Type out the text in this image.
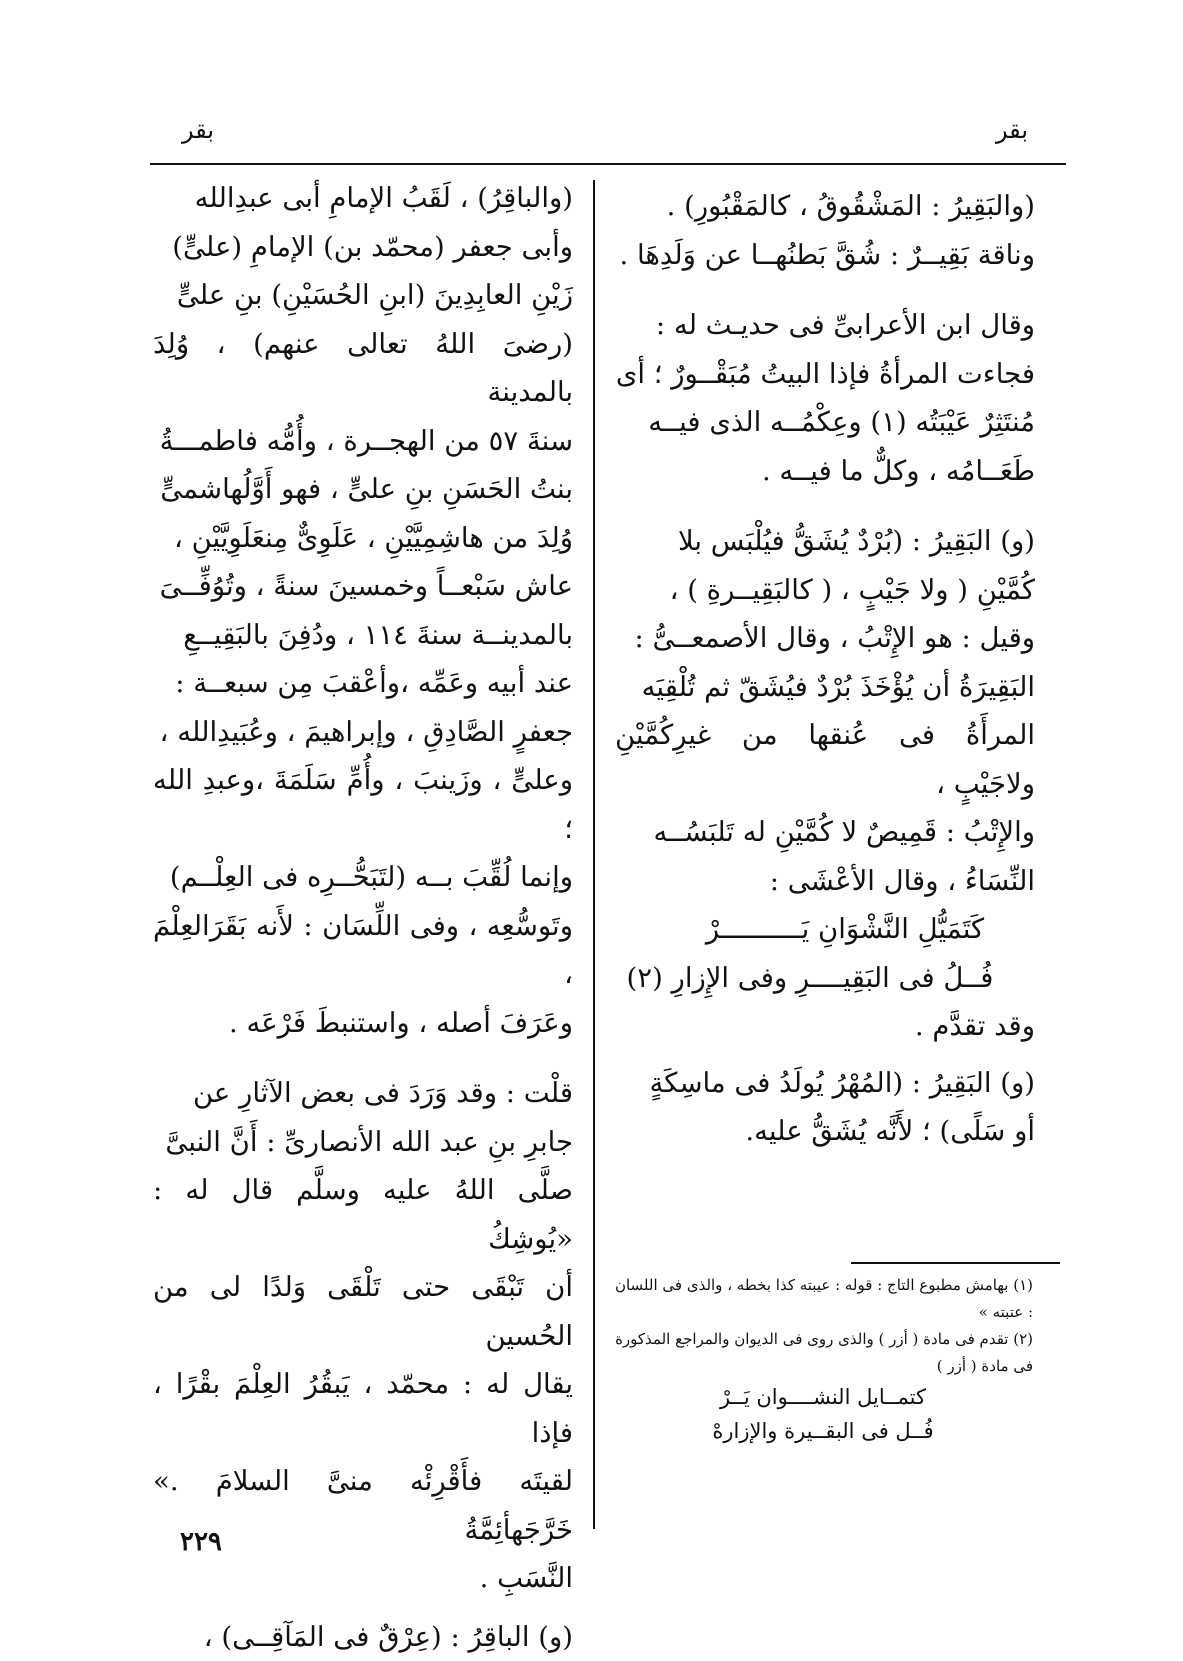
بقر
بقر

(والبَقِيرُ : المَشْقُوقُ ، كالمَقْبُورِ) .

وناقة بَقِيــرٌ : شُقَّ بَطنُهــا عن وَلَدِهَا .

وقال ابن الأعرابىِّ فى حديـث له :

فجاءت المرأةُ فإذا البيتُ مُبَقْــورٌ ؛ أى

مُنتَثِرٌ عَيْبَتُه (١) وعِكْمُــه الذى فيــه

طَعَــامُه ، وكلٌّ ما فيــه .

(و) البَقِيرُ : (بُرْدٌ يُشَقُّ فيُلْبَس بلا

كُمَّيْنِ ( ولا جَيْبٍ ، ( كالبَقِيــرةِ ) ،

وقيل : هو الإِتْبُ ، وقال الأصمعــىُّ :

البَقِيرَةُ أن يُؤْخَذَ بُرْدٌ فيُشَقّ ثم تُلْقِيَه

المرأَةُ فى عُنقها من غيرِكُمَّيْنِ ولاجَيْبٍ ،

والإِتْبُ : قَمِيصٌ لا كُمَّيْنِ له تَلبَسُــه

النِّسَاءُ ، وقال الأعْشَى :

كَتَمَيُّلِ النَّشْوَانِ يَــــــــــرْ

فُــلُ فى البَقِيــــرِ وفى الإِزارِ (٢)

وقد تقدَّم .

(و) البَقِيرُ : (المُهْرُ يُولَدُ فى ماسِكَةٍ

أو سَلًى) ؛ لأَنَّه يُشَقُّ عليه.

(١) بهامش مطبوع التاج : قوله : عيبته كذا بخطه ، والذى فى اللسان : عتبته »

(٢) تقدم فى مادة ( أزر ) والذى روى فى الديوان والمراجع المذكورة فى مادة ( أزر )

كتمــايل النشــــوان يَــرْ

فُــل فى البقــيرة والإزارهْ

(والباقِرُ) ، لَقَبُ الإمامِ أبى عبدِالله

وأبى جعفر (محمّد بن) الإمامِ (علىٍّ)

زَيْنِ العابِدِينَ (ابنِ الحُسَيْنِ) بنِ علىٍّ

(رضىَ اللهُ تعالى عنهم) ، وُلِدَ بالمدينة

سنةَ ٥٧ من الهجــرة ، وأُمُّه فاطمـــةُ

بنتُ الحَسَنِ بنِ علىٍّ ، فهو أَوَّلُهاشمىٍّ

وُلِدَ من هاشِمِيَّيْنِ ، عَلَوِىٌّ مِنعَلَوِيَّيْنِ ،

عاش سَبْعــاً وخمسينَ سنةً ، وتُوُفِّــىَ

بالمدينــة سنةَ ١١٤ ، ودُفِنَ بالبَقِيــعِ

عند أبيه وعَمِّه ،وأعْقبَ مِن سبعــة :

جعفرٍ الصَّادِقِ ، وإبراهيمَ ، وعُبَيدِالله ،

وعلىٍّ ، وزَينبَ ، وأُمِّ سَلَمَةَ ،وعبدِ الله ؛

وإنما لُقِّبَ بــه (لتَبَحُّــرِه فى العِلْــم)

وتَوسُّعِه ، وفى اللِّسَان : لأَنه بَقَرَالعِلْمَ ،

وعَرَفَ أصله ، واستنبطَ فَرْعَه .

قلْت : وقد وَرَدَ فى بعض الآثارِ عن

جابرِ بنِ عبد الله الأنصارىِّ : أَنَّ النبىَّ

صلَّى اللهُ عليه وسلَّم قال له : «يُوشِكُ

أن تَبْقَى حتى تَلْقَى وَلدًا لى من الحُسين

يقال له : محمّد ، يَبقُرُ العِلْمَ بقْرًا ، فإذا

لقيتَه فأَقْرِئْه منىَّ السلامَ .» خَرَّجَهأئِمَّةُ

النَّسَبِ .

(و) الباقِرُ : (عِرْقٌ فى المَآقِــى) ،

٢٢٩
